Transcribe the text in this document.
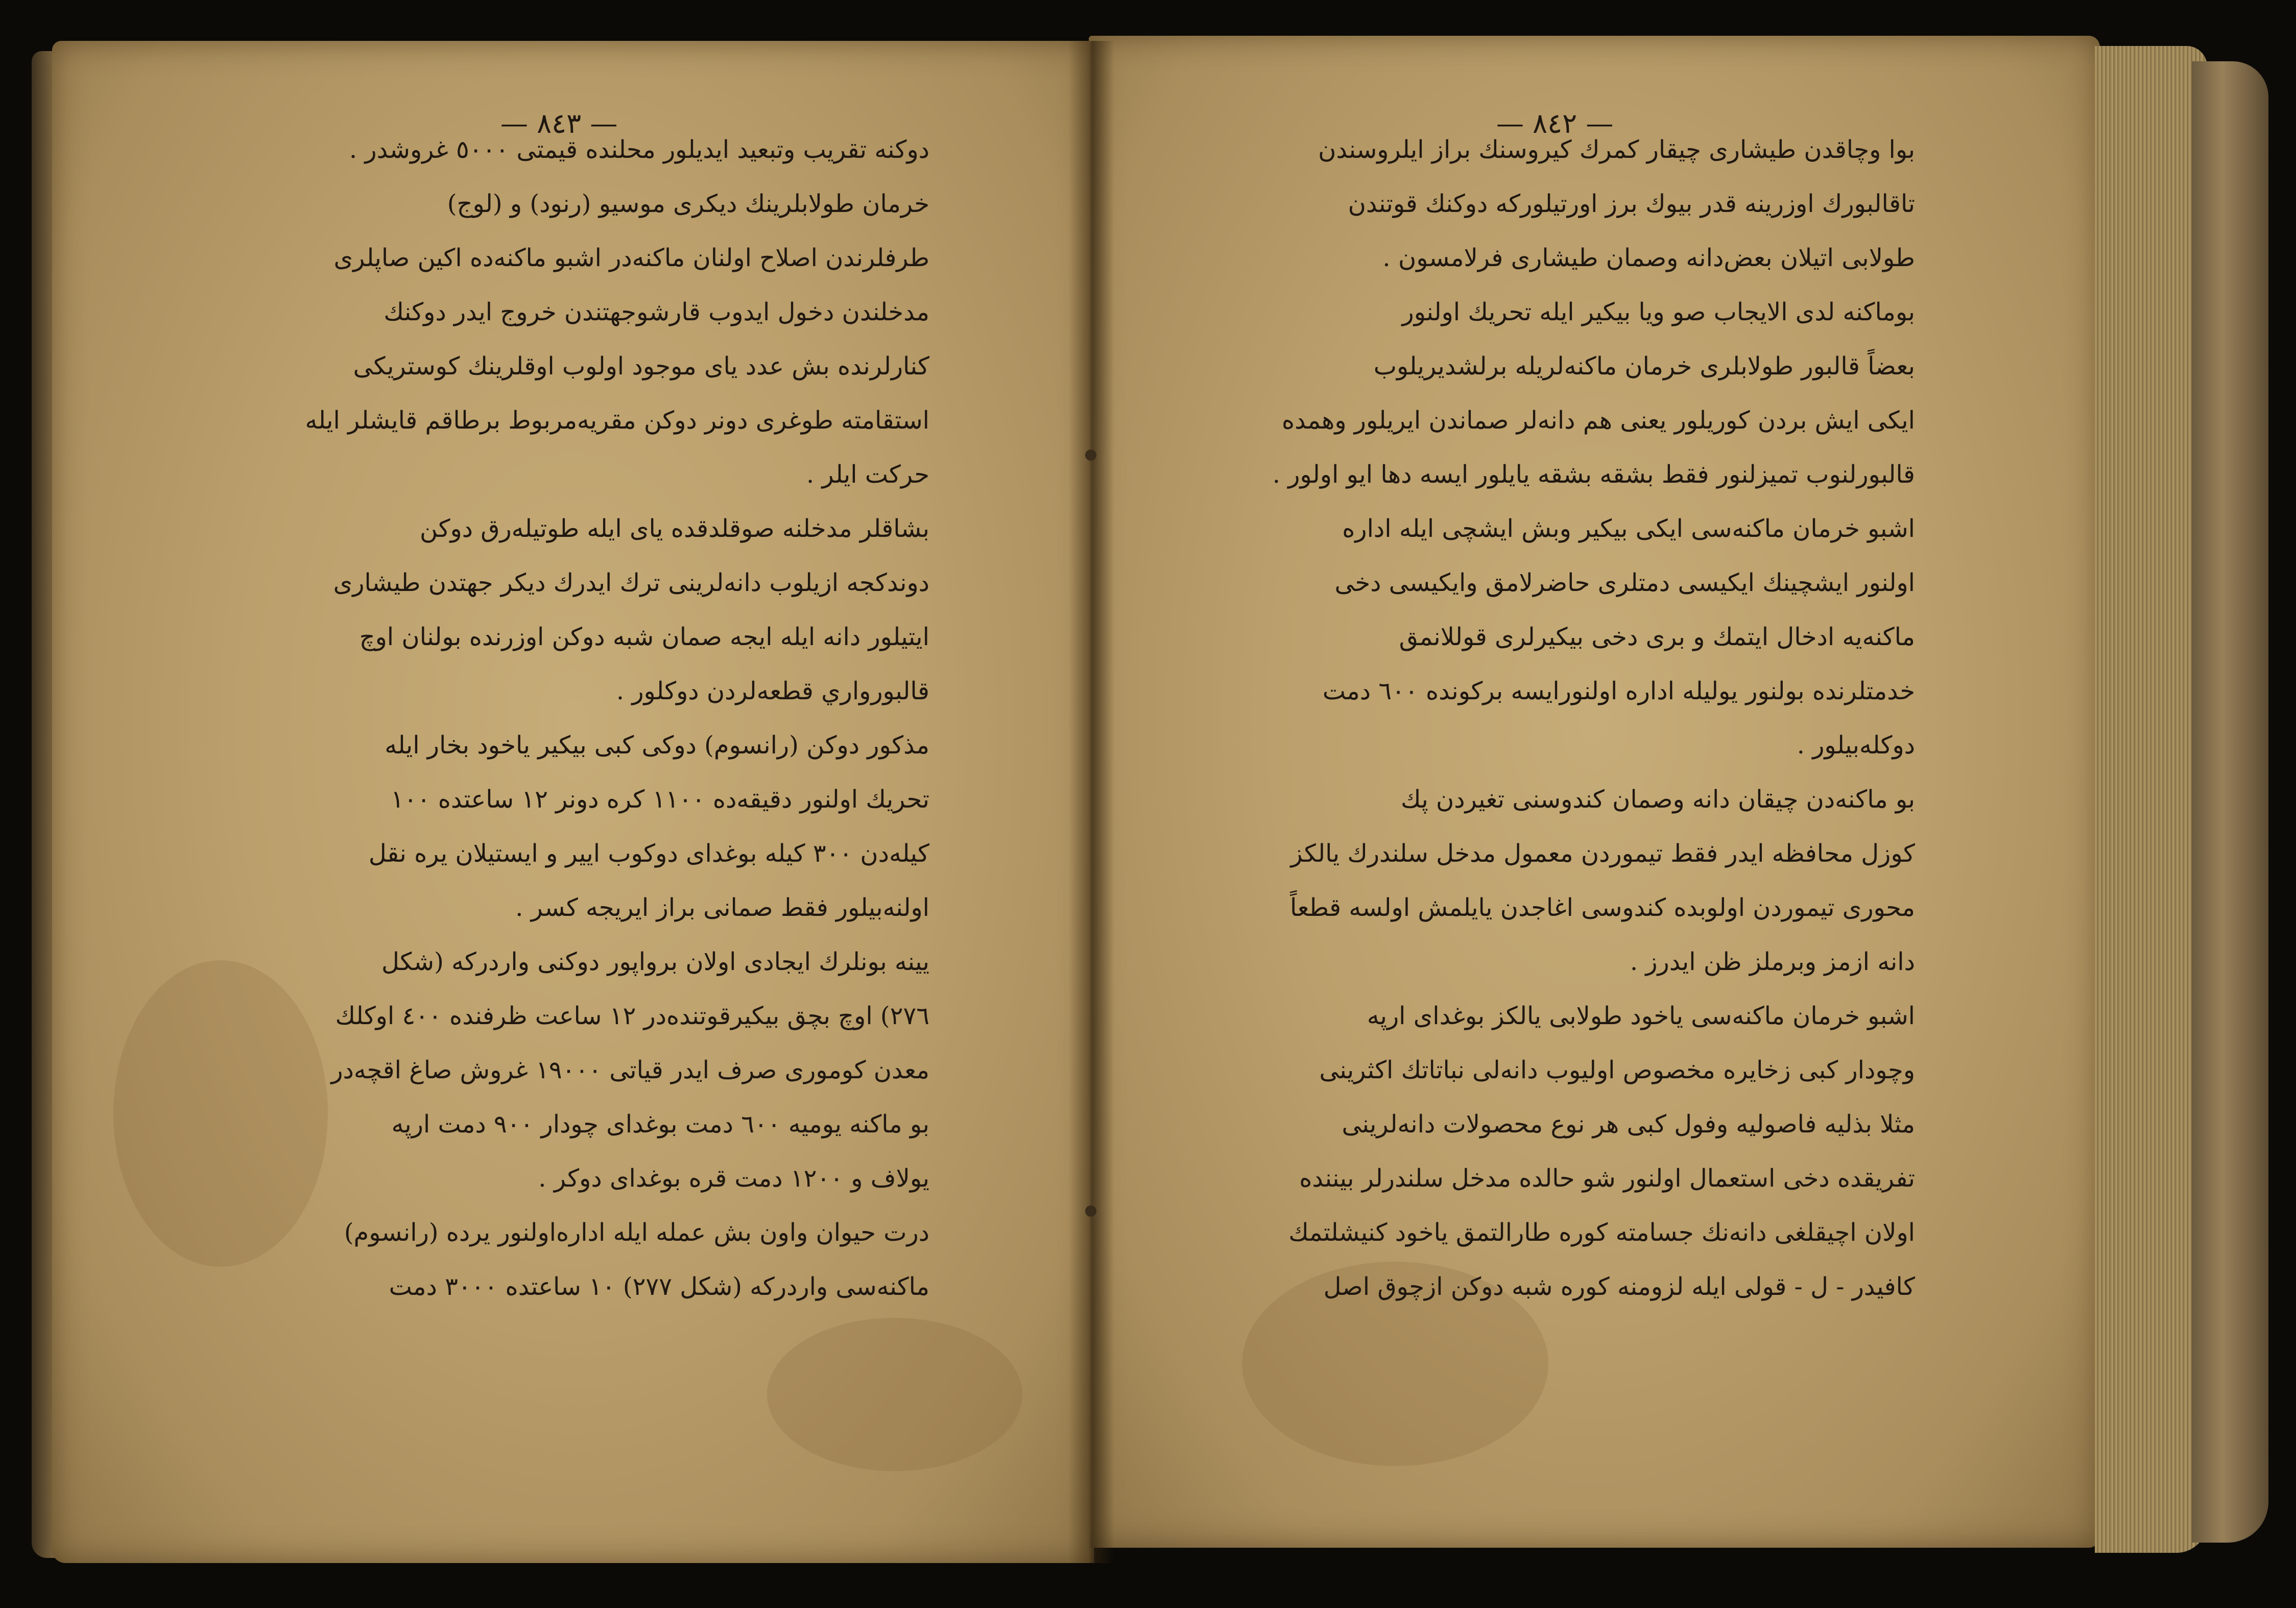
— ٨٤٣ —	— ٨٤٢ —
دوكنه تقريب وتبعيد ايديلور محلنده قيمتى ٥٠٠٠ غروشدر .
خرمان طولابلرينك ديكرى موسيو (رنود) و (لوج)
طرفلرندن اصلاح اولنان ماكنه‌در اشبو ماكنه‌ده اكين صاپلرى
مدخلندن دخول ايدوب قارشوجهتندن خروج ايدر دوكنك
كنارلرنده بش عدد ياى موجود اولوب اوقلرينك كوستريكى
استقامته طوغرى دونر دوكن مقريه‌مربوط برطاقم قايشلر ايله
حركت ايلر .
بشاقلر مدخلنه صوقلدقده ياى ايله طوتيله‌رق دوكن
دوندكجه ازيلوب دانه‌لرينى ترك ايدرك ديكر جهتدن طيشارى
ايتيلور دانه ايله ايجه صمان شبه دوكن اوزرنده بولنان اوچ
قالبورواري قطعه‌لردن دوكلور .
مذكور دوكن (رانسوم) دوكى كبى بيكير ياخود بخار ايله
تحريك اولنور دقيقه‌ده ١١٠٠ كره دونر ١٢ ساعتده ١٠٠
كيله‌دن ٣٠٠ كيله بوغداى دوكوب ايير و ايستيلان يره نقل
اولنه‌بيلور فقط صمانى براز ايريجه كسر .
يينه بونلرك ايجادى اولان برواپور دوكنى واردركه (شكل
٢٧٦) اوچ بچق بيكيرقوتنده‌در ١٢ ساعت ظرفنده ٤٠٠ اوكلك
معدن كومورى صرف ايدر قياتى ١٩٠٠٠ غروش صاغ اقچه‌در
بو ماكنه يوميه ٦٠٠ دمت بوغداى چودار ٩٠٠ دمت ارپه
يولاف و ١٢٠٠ دمت قره بوغداى دوكر .
درت حيوان واون بش عمله ايله اداره‌اولنور يرده (رانسوم)
ماكنه‌سى واردركه (شكل ٢٧٧) ١٠ ساعتده ٣٠٠٠ دمت
بوا وچاقدن طيشارى چيقار كمرك كيروسنك براز ايلروسندن
تاقالبورك اوزرينه قدر بيوك برز اورتيلوركه دوكنك قوتندن
طولابى اتيلان بعض‌دانه وصمان طيشارى فرلامسون .
بوماكنه لدى الايجاب صو ويا بيكير ايله تحريك اولنور
بعضاً قالبور طولابلرى خرمان ماكنه‌لريله برلشديريلوب
ايكى ايش بردن كوريلور يعنى هم دانه‌لر صماندن ايريلور وهمده
قالبورلنوب تميزلنور فقط بشقه بشقه يايلور ايسه دها ايو اولور .
اشبو خرمان ماكنه‌سى ايكى بيكير وبش ايشچى ايله اداره
اولنور ايشچينك ايكيسى دمتلرى حاضرلامق وايكيسى دخى
ماكنه‌يه ادخال ايتمك و برى دخى بيكيرلرى قوللانمق
خدمتلرنده بولنور يوليله اداره اولنورايسه بركونده ٦٠٠ دمت
دوكله‌بيلور .
بو ماكنه‌دن چيقان دانه وصمان كندوسنى تغيردن پك
كوزل محافظه ايدر فقط تيموردن معمول مدخل سلندرك يالكز
محورى تيموردن اولوبده كندوسى اغاجدن يايلمش اولسه قطعاً
دانه ازمز وبرملز ظن ايدرز .
اشبو خرمان ماكنه‌سى ياخود طولابى يالكز بوغداى ارپه
وچودار كبى زخايره مخصوص اوليوب دانه‌لى نباتاتك اكثرينى
مثلا بذليه فاصوليه وفول كبى هر نوع محصولات دانه‌لرينى
تفريقده دخى استعمال اولنور شو حالده مدخل سلندرلر بيننده
اولان اچيقلغى دانه‌نك جسامته كوره طارالتمق ياخود كنيشلتمك
كافيدر - ل - قولى ايله لزومنه كوره شبه دوكن ازچوق اصل
